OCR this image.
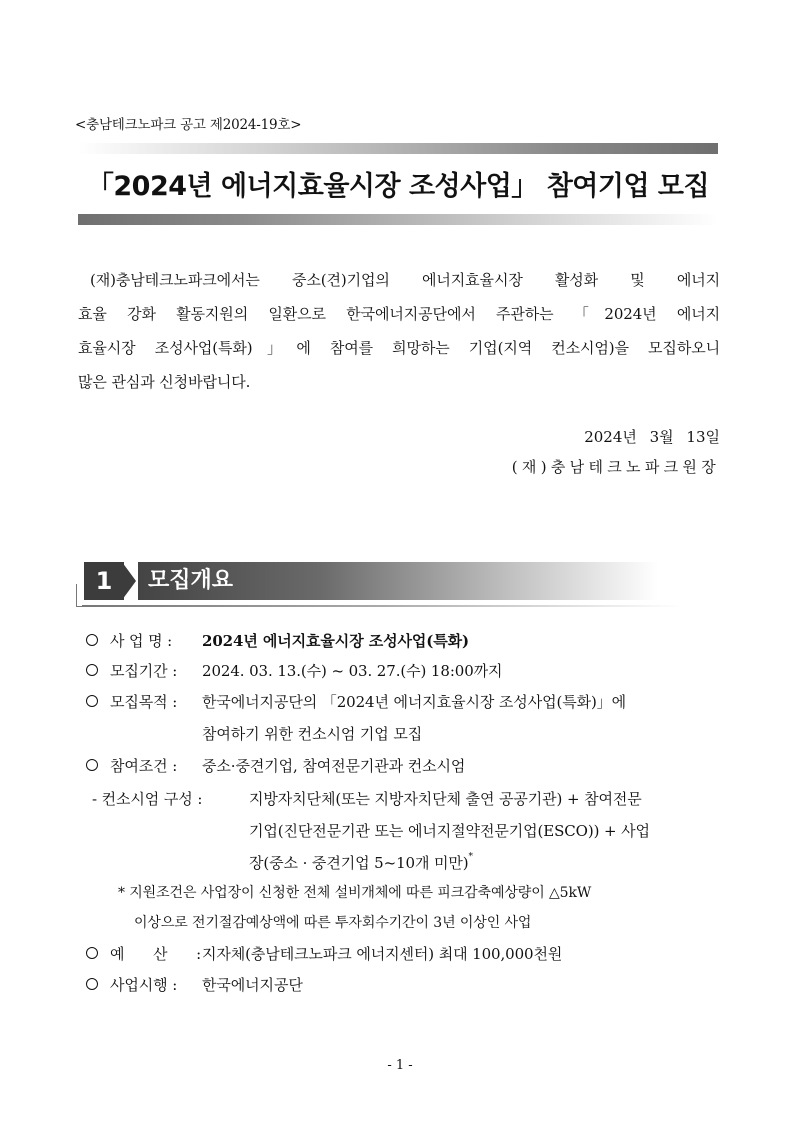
<충남테크노파크 공고 제2024-19호>
「2024년 에너지효율시장 조성사업」 참여기업 모집

(재)충남테크노파크에서는 중소(견)기업의 에너지효율시장 활성화 및 에너지

효율 강화 활동지원의 일환으로 한국에너지공단에서 주관하는 「2024년 에너지

효율시장 조성사업(특화)」에 참여를 희망하는 기업(지역 컨소시엄)을 모집하오니

많은 관심과 신청바랍니다.

2024년 3월 13일
(재)충남테크노파크원장
1	모집개요
사 업 명 : 2024년 에너지효율시장 조성사업(특화)
모집기간 : 2024. 03. 13.(수) ~ 03. 27.(수) 18:00까지
모집목적 : 한국에너지공단의 「2024년 에너지효율시장 조성사업(특화)」에
참여하기 위한 컨소시엄 기업 모집
참여조건 : 중소·중견기업, 참여전문기관과 컨소시엄
- 컨소시엄 구성 :	지방자치단체(또는 지방자치단체 출연 공공기관) + 참여전문
기업(진단전문기관 또는 에너지절약전문기업(ESCO)) + 사업
장(중소 · 중견기업 5~10개 미만)*
* 지원조건은 사업장이 신청한 전체 설비개체에 따른 피크감축예상량이 △5kW
이상으로 전기절감예상액에 따른 투자회수기간이 3년 이상인 사업
예 산 : 지자체(충남테크노파크 에너지센터) 최대 100,000천원
사업시행 : 한국에너지공단
- 1 -
